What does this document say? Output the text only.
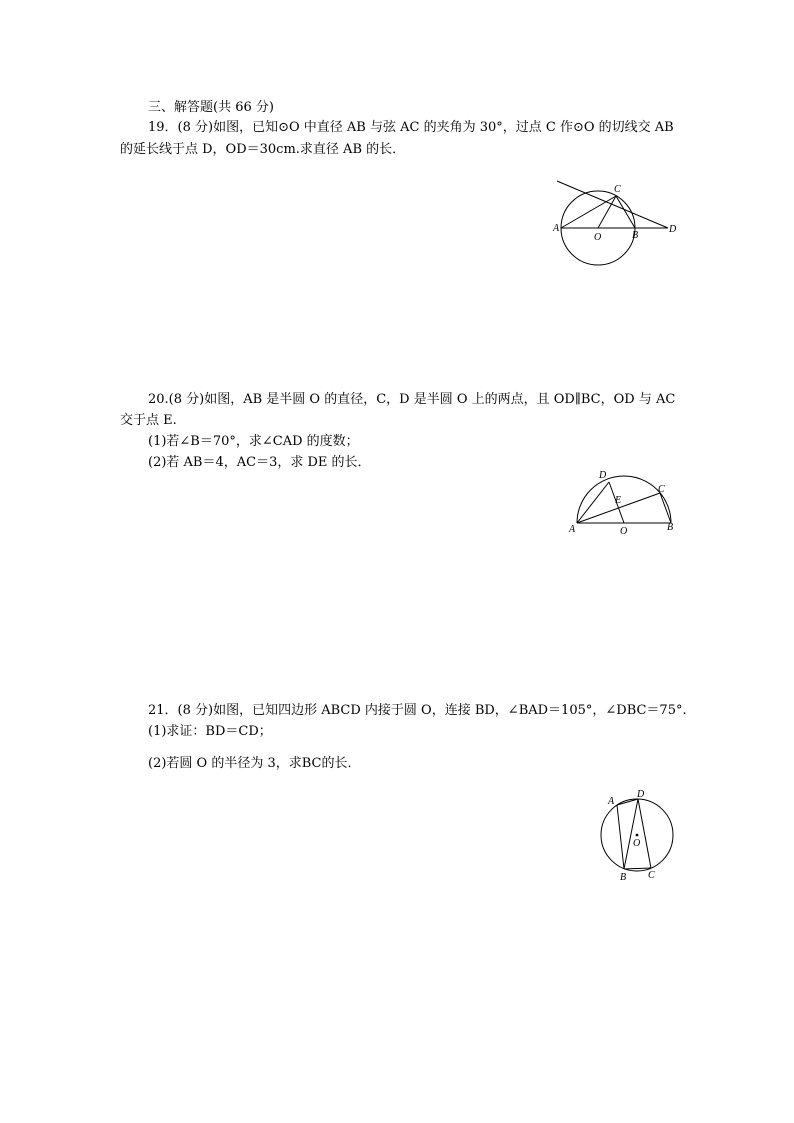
三、解答题(共 66 分)
19．(8 分)如图，已知⊙O 中直径 AB 与弦 AC 的夹角为 30°，过点 C 作⊙O 的切线交 AB
的延长线于点 D，OD＝30cm.求直径 AB 的长．
C
A
O	B
D
20.(8 分)如图，AB 是半圆 O 的直径，C，D 是半圆 O 上的两点，且 OD∥BC，OD 与 AC
交于点 E.
(1)若∠B＝70°，求∠CAD 的度数；
(2)若 AB＝4，AC＝3，求 DE 的长．
D
C
E
A	O	B
21．(8 分)如图，已知四边形 ABCD 内接于圆 O，连接 BD，∠BAD＝105°，∠DBC＝75°.
(1)求证：BD＝CD；
(2)若圆 O 的半径为 3，求BC的长．
A
D
O
B C
